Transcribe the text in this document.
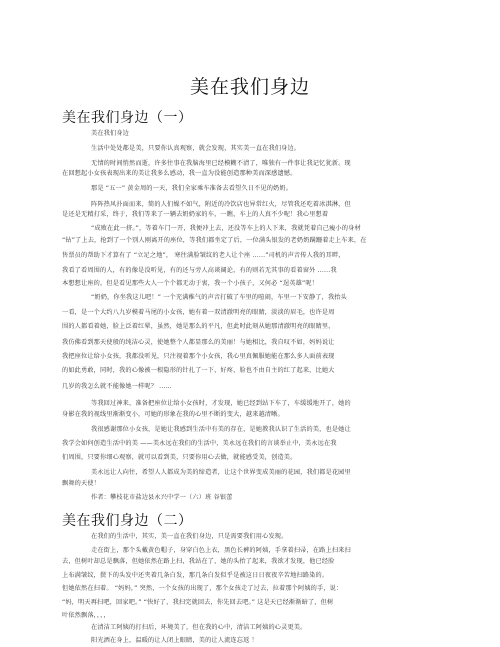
美在我们身边
美在我们身边（一）
美在我们身边
生活中处处都是美，只要你认真观察，就会发现，其实美一直在我们身边。
无情的时间悄然而逝，许多往事在我脑海里已经模糊不清了，唯独有一件事让我记忆犹新。现
在回想起小女孩表现出来的美让我多么感动，我一直为没能创造那种美而深感遗憾。
那是 “五一” 黄金周的一天，我们全家乘车准备去看望久日不见的奶奶。
阵阵热风扑面而来，简的人们燥不如气，附近的冷饮店也异常红火，尽管我还吃着冰淇淋，但
是还是无精打采，终于，我们等来了一辆去奶奶家的车，一瞧，车上的人真不少呢！我心里想着
“成败在此一挤。”，等着车门一开，我便冲上去，还没等车上的人下来，我就凭着自己瘦小的身材
“钻”了上去，抢到了一个别人刚离开的座位，等我们都坐定了后，一位满头银发的老奶奶蹒跚着走上车来，在
售票员的帮助下才算有了 “立足之地”， 寒往满脸皱纹的老人让个座 ......”司机的声音传人我的耳畔，
我看了看周围的人，有的像是没听见，有的还与旁人高谈阔论，有的则若无其事的看着窗外 ......我
本想想让座的，但是看见那些大人一个个都无动于衷，我一个小孩子，又何必 “逞英雄”呢！
“奶奶，你坐我这儿吧！” 一个充满稚气的声音打破了车里的喧闹，车里一下安静了，我抬头
一看，是一个大约八九岁模着马尾的小女孩，她有着一双清澈明亮的眼睛，淡淡的眉毛，也许是周
围的人都看着她，脸上泛着红晕，虽然，她是那么的平凡，但此时此刻从她那清澈明亮的眼睛里，
我仿佛看到那天使般的纯洁心灵，使她整个人都显那么的美丽！与她相比，我自叹不如，妈妈说让
我把座位让给小女孩，我都没听见，只注视着那个小女孩，我心里真佩服她能在那么多人面前表现
的如此勇敢，同时，我的心像被一根隐形的针扎了一下，好疼，脸也不由自主的红了起来，比她大
几岁的我怎么就不能像她一样呢？ ......
等我回过神来，准备把座位让给小女孩时，才发现，她已经到站下车了，车缓缓地开了，她的
身影在我的视线里渐渐变小，可她的形象在我的心里不断的变大，越来越清晰。
我很感谢那位小女孩，是她让我感到生活中有美的存在，是她教我认识了生活的美，也是她让
我学会如何创造生活中的美 ——美永远在我们的生活中，美永远在我们的言谈举止中，美永远在我
们周围，只要你细心观察，就可以看到美，只要你用心去做，就能感受美，创造美。
美永远让人向往，希望人人都成为美的缔造者，让这个世界变成美丽的花园，我们都是花园里
飘舞的天使！
作者：攀枝花市盐边县永兴中学一（六）班 谷银蕾
美在我们身边（二）
在我们的生活中，其实，美一直在我们身边，只是需要我们用心发现。
走在街上，那个头戴黄色帽子，身穿白色上衣，黑色长裤的阿姨，手拿着扫帚，在路上扫来扫
去，但树叶却总是飘落，但她依然在路上扫，我站在了，她的头抬了起来，我欲才发现，他已经脸
上布满皱纹，鬓下的头发中还夹着几条白发，那几条白发似乎是被这日日夜夜辛苦地扫路染的。
但她依然在扫着。 “妈妈，” 突然，一个女孩的出现了，那个女孩走了过去，拉着那个阿姨的手，说：
“妈，明天再扫吧，回家吧。” “快好了，我扫完就回去，你先回去吧。” 这是天已经渐渐暗了，但树
叶依然飘落，，，，
在清洁工阿姨的打扫后，环境美了，但在我的心中，清洁工阿姨的心灵更美。
阳光洒在身上，温暖的让人闭上眼睛，美的让人流连忘返 ！
